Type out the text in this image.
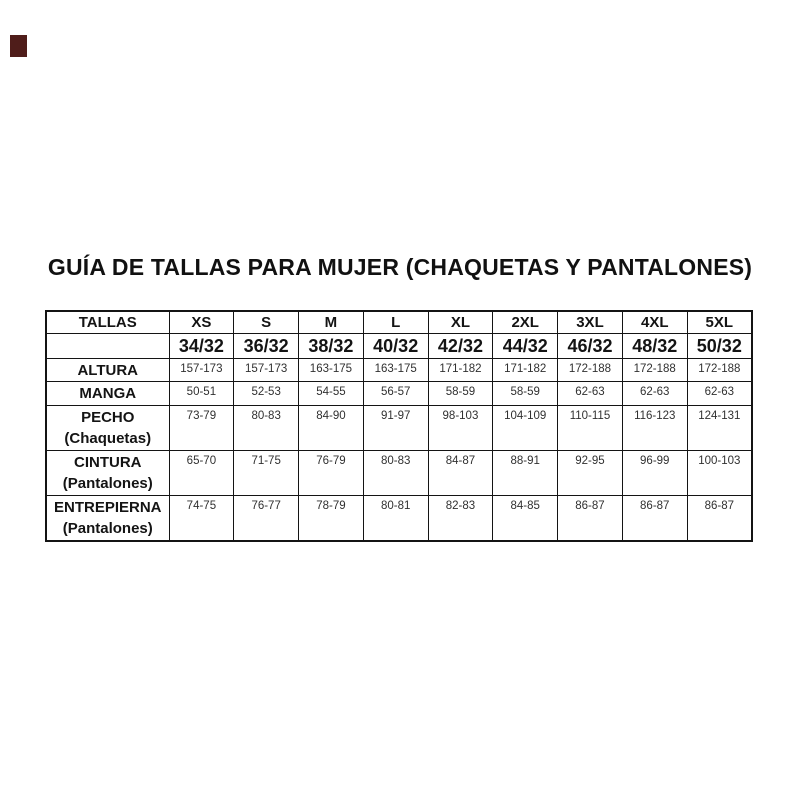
GUÍA DE TALLAS PARA MUJER (CHAQUETAS Y PANTALONES)
TALLAS	XS	S	M	L	XL	2XL	3XL	4XL	5XL
	34/32	36/32	38/32	40/32	42/32	44/32	46/32	48/32	50/32

ALTURA	157-173	157-173	163-175	163-175	171-182	171-182	172-188	172-188	172-188

MANGA	50-51	52-53	54-55	56-57	58-59	58-59	62-63	62-63	62-63

PECHO
(Chaquetas)	73-79	80-83	84-90	91-97	98-103	104-109	110-115	116-123	124-131

CINTURA
(Pantalones)	65-70	71-75	76-79	80-83	84-87	88-91	92-95	96-99	100-103

ENTREPIERNA
(Pantalones)	74-75	76-77	78-79	80-81	82-83	84-85	86-87	86-87	86-87
